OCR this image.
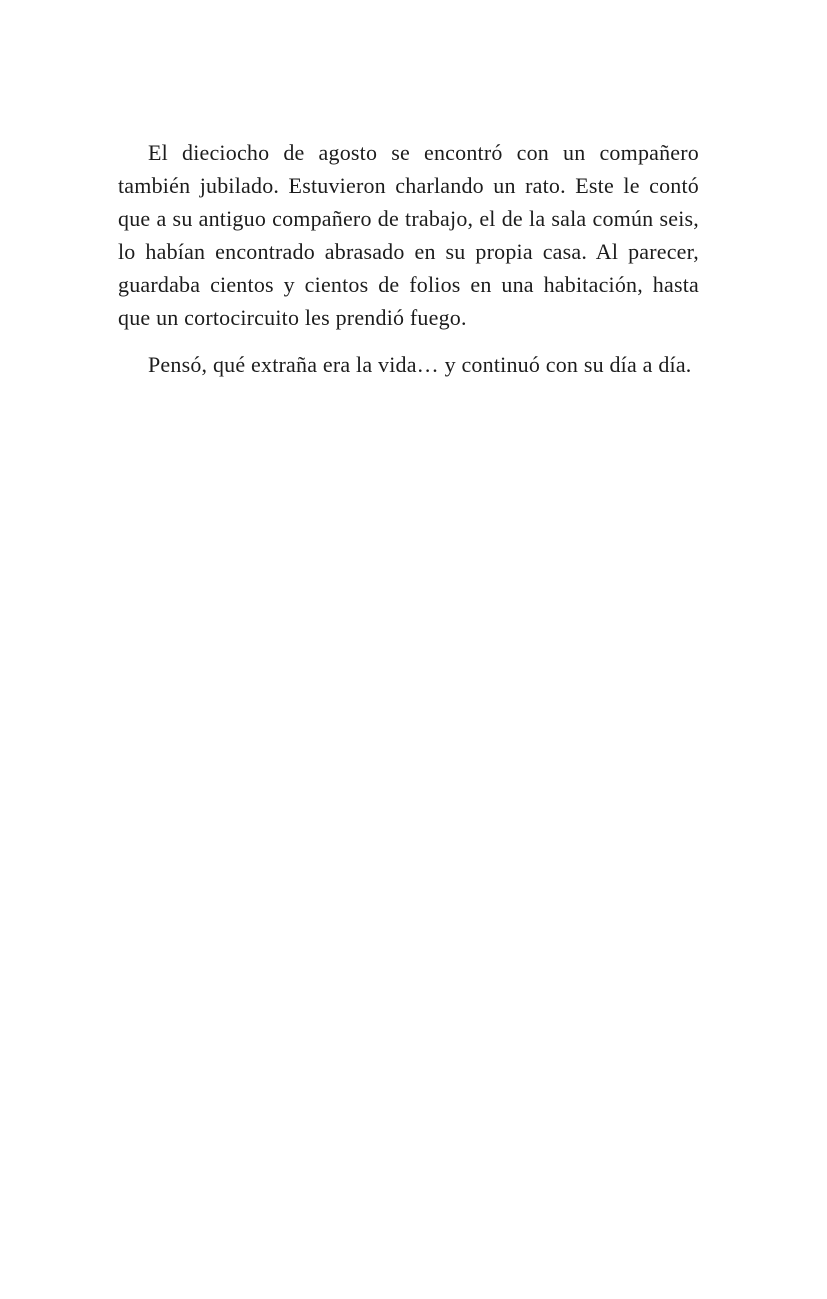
El dieciocho de agosto se encontró con un compañero también jubilado. Estuvieron charlando un rato. Este le contó que a su antiguo compañero de trabajo, el de la sala común seis, lo habían encontrado abrasado en su propia casa. Al parecer, guardaba cientos y cientos de folios en una habitación, hasta que un cortocircuito les prendió fuego.

Pensó, qué extraña era la vida… y continuó con su día a día.
